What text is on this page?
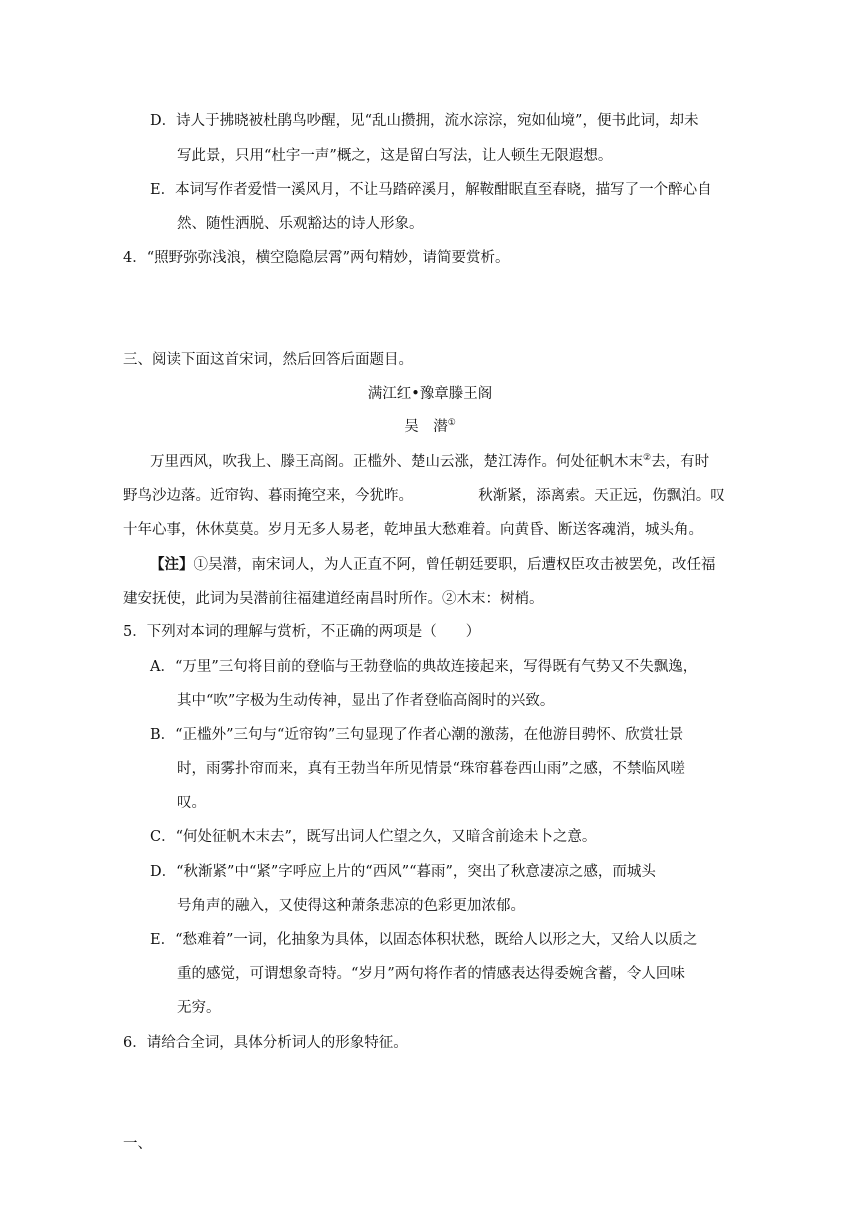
D．诗人于拂晓被杜鹃鸟吵醒，见“乱山攒拥，流水淙淙，宛如仙境”，便书此词，却未
写此景，只用“杜宇一声”概之，这是留白写法，让人顿生无限遐想。
E．本词写作者爱惜一溪风月，不让马踏碎溪月，解鞍酣眠直至春晓，描写了一个醉心自
然、随性洒脱、乐观豁达的诗人形象。
4．“照野弥弥浅浪，横空隐隐层霄”两句精妙，请简要赏析。
三、阅读下面这首宋词，然后回答后面题目。
满江红•豫章滕王阁
吴　潜①
万里西风，吹我上、滕王高阁。正槛外、楚山云涨，楚江涛作。何处征帆木末②去，有时
野鸟沙边落。近帘钩、暮雨掩空来，今犹昨。　　　　　秋渐紧，添离索。天正远，伤飘泊。叹
十年心事，休休莫莫。岁月无多人易老，乾坤虽大愁难着。向黄昏、断送客魂消，城头角。
【注】①吴潜，南宋词人，为人正直不阿，曾任朝廷要职，后遭权臣攻击被罢免，改任福
建安抚使，此词为吴潜前往福建道经南昌时所作。②木末：树梢。
5．下列对本词的理解与赏析，不正确的两项是（　　）
A．“万里”三句将目前的登临与王勃登临的典故连接起来，写得既有气势又不失飘逸，
其中“吹”字极为生动传神，显出了作者登临高阁时的兴致。
B．“正槛外”三句与“近帘钩”三句显现了作者心潮的激荡，在他游目骋怀、欣赏壮景
时，雨雾扑帘而来，真有王勃当年所见情景“珠帘暮卷西山雨”之感，不禁临风嗟
叹。
C．“何处征帆木末去”，既写出词人伫望之久，又暗含前途未卜之意。
D．“秋渐紧”中“紧”字呼应上片的“西风”“暮雨”，突出了秋意凄凉之感，而城头
号角声的融入，又使得这种萧条悲凉的色彩更加浓郁。
E．“愁难着”一词，化抽象为具体，以固态体积状愁，既给人以形之大，又给人以质之
重的感觉，可谓想象奇特。“岁月”两句将作者的情感表达得委婉含蓄，令人回味
无穷。
6．请给合全词，具体分析词人的形象特征。
一、
